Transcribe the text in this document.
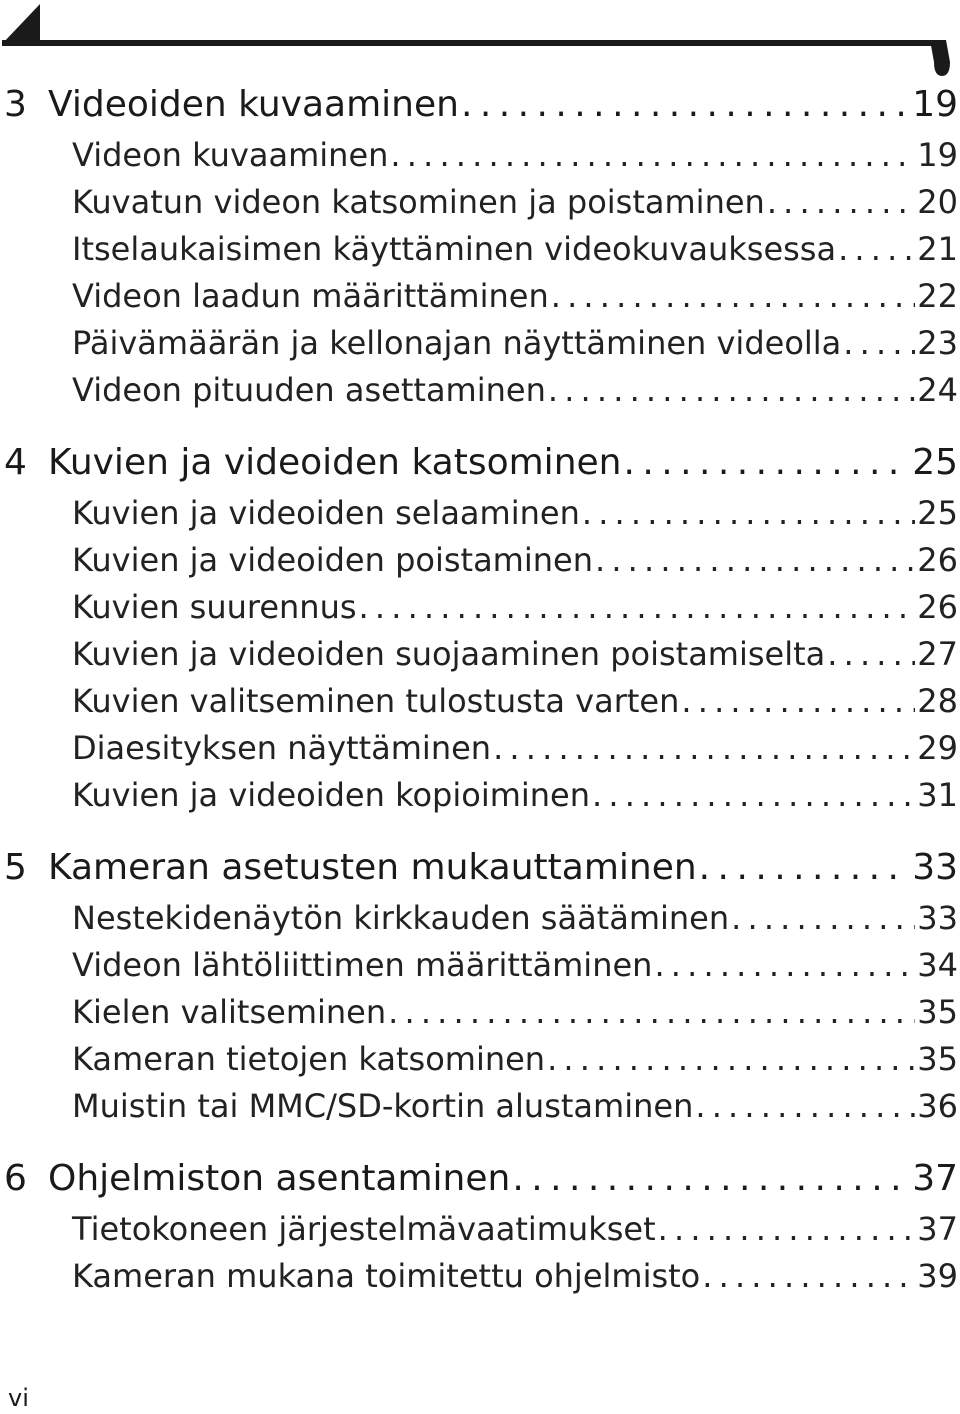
3 Videoiden kuvaaminen . . .	19
Videon kuvaaminen . . .	19
Kuvatun videon katsominen ja poistaminen . . .	20
Itselaukaisimen käyttäminen videokuvauksessa . . .	21
Videon laadun määrittäminen . . .	22
Päivämäärän ja kellonajan näyttäminen videolla . . . 23
Videon pituuden asettaminen . . .	24
4 Kuvien ja videoiden katsominen . . .	25
Kuvien ja videoiden selaaminen . . .	25
Kuvien ja videoiden poistaminen . . .	26
Kuvien suurennus . . .	26
Kuvien ja videoiden suojaaminen poistamiselta . . .	27
Kuvien valitseminen tulostusta varten . . .	28
Diaesityksen näyttäminen . . .	29
Kuvien ja videoiden kopioiminen . . .	31
5 Kameran asetusten mukauttaminen . . .	33
Nestekidenäytön kirkkauden säätäminen . . .	33
Videon lähtöliittimen määrittäminen . . .	34
Kielen valitseminen . . .	35
Kameran tietojen katsominen . . .	35
Muistin tai MMC/SD-kortin alustaminen . . .	36
6 Ohjelmiston asentaminen . . .	37
Tietokoneen järjestelmävaatimukset . . .	37
Kameran mukana toimitettu ohjelmisto . . .	39
vi
